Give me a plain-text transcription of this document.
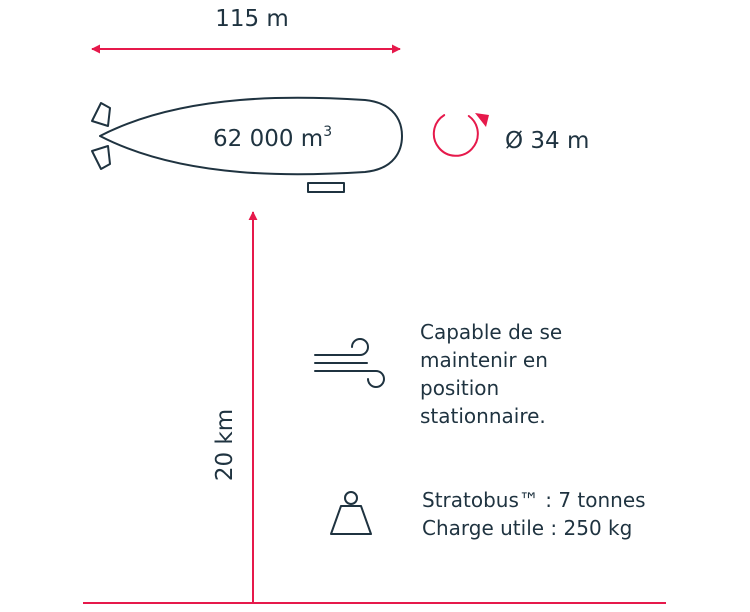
115 m
62 000 $m^3$	Ø 34 m
20 km
Capable de se
maintenir en
position
stationnaire.
Stratobus™ : 7 tonnes
Charge utile : 250 kg
